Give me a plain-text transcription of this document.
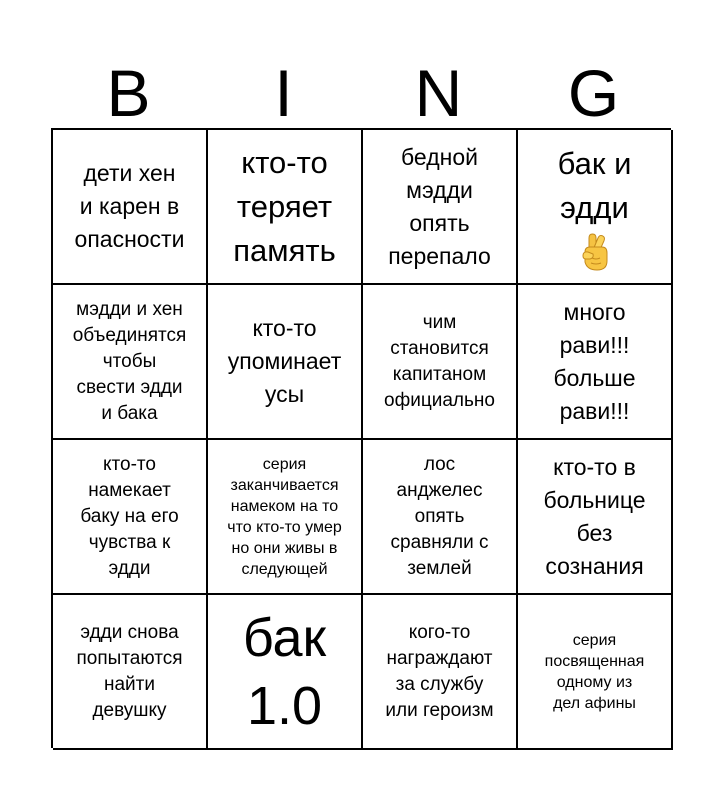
B	I	N	G
дети хен
и карен в
опасности
кто-то
теряет
память
бедной
мэдди
опять
перепало
бак и
эдди
мэдди и хен
объединятся
чтобы
свести эдди
и бака
кто-то
упоминает
усы
чим
становится
капитаном
официально
много
рави!!!
больше
рави!!!
кто-то
намекает
баку на его
чувства к
эдди
серия
заканчивается
намеком на то
что кто-то умер
но они живы в
следующей
лос
анджелес
опять
сравняли с
землей
кто-то в
больнице
без
сознания
эдди снова
попытаются
найти
девушку
бак
1.0
кого-то
награждают
за службу
или героизм
серия
посвященная
одному из
дел афины
